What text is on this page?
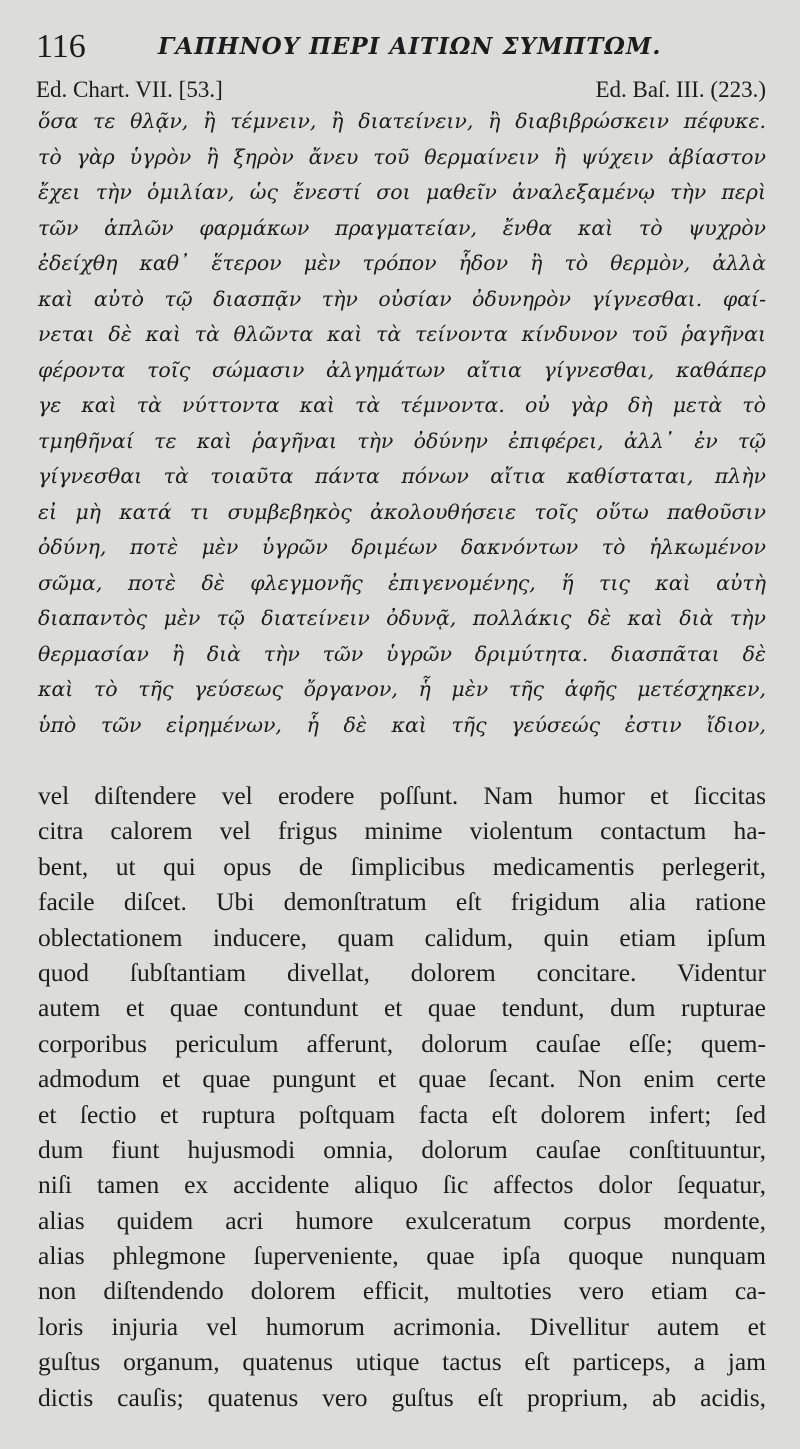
116	ΓΑΠΗΝΟΥ ΠΕΡΙ ΑΙΤΙΩΝ ΣΥΜΠΤΩΜ.
Ed. Chart. VII. [53.]	Ed. Baſ. III. (223.)
ὅσα τε θλᾷν, ἢ τέμνειν, ἢ διατείνειν, ἢ διαβιβρώσκειν πέφυκε.
τὸ γὰρ ὑγρὸν ἢ ξηρὸν ἄνευ τοῦ θερμαίνειν ἢ ψύχειν ἀβίαστον
ἔχει τὴν ὁμιλίαν, ὡς ἔνεστί σοι μαθεῖν ἀναλεξαμένῳ τὴν περὶ
τῶν ἁπλῶν φαρμάκων πραγματείαν, ἔνθα καὶ τὸ ψυχρὸν
ἐδείχθη καθ᾽ ἕτερον μὲν τρόπον ἧδον ἢ τὸ θερμὸν, ἀλλὰ
καὶ αὐτὸ τῷ διασπᾷν τὴν οὐσίαν ὀδυνηρὸν γίγνεσθαι. φαί-
νεται δὲ καὶ τὰ θλῶντα καὶ τὰ τείνοντα κίνδυνον τοῦ ῥαγῆναι
φέροντα τοῖς σώμασιν ἀλγημάτων αἴτια γίγνεσθαι, καθάπερ
γε καὶ τὰ νύττοντα καὶ τὰ τέμνοντα. οὐ γὰρ δὴ μετὰ τὸ
τμηθῆναί τε καὶ ῥαγῆναι τὴν ὀδύνην ἐπιφέρει, ἀλλ᾽ ἐν τῷ
γίγνεσθαι τὰ τοιαῦτα πάντα πόνων αἴτια καθίσταται, πλὴν
εἰ μὴ κατά τι συμβεβηκὸς ἀκολουθήσειε τοῖς οὕτω παθοῦσιν
ὀδύνη, ποτὲ μὲν ὑγρῶν δριμέων δακνόντων τὸ ἡλκωμένον
σῶμα, ποτὲ δὲ φλεγμονῆς ἐπιγενομένης, ἥ τις καὶ αὐτὴ
διαπαντὸς μὲν τῷ διατείνειν ὀδυνᾷ, πολλάκις δὲ καὶ διὰ τὴν
θερμασίαν ἢ διὰ τὴν τῶν ὑγρῶν δριμύτητα. διασπᾶται δὲ
καὶ τὸ τῆς γεύσεως ὄργανον, ἧ μὲν τῆς ἁφῆς μετέσχηκεν,
ὑπὸ τῶν εἰρημένων, ἧ δὲ καὶ τῆς γεύσεώς ἐστιν ἴδιον,
vel diſtendere vel erodere poſſunt. Nam humor et ſiccitas
citra calorem vel frigus minime violentum contactum ha-
bent, ut qui opus de ſimplicibus medicamentis perlegerit,
facile diſcet. Ubi demonſtratum eſt frigidum alia ratione
oblectationem inducere, quam calidum, quin etiam ipſum
quod ſubſtantiam divellat, dolorem concitare. Videntur
autem et quae contundunt et quae tendunt, dum rupturae
corporibus periculum afferunt, dolorum cauſae eſſe; quem-
admodum et quae pungunt et quae ſecant. Non enim certe
et ſectio et ruptura poſtquam facta eſt dolorem infert; ſed
dum fiunt hujusmodi omnia, dolorum cauſae conſtituuntur,
niſi tamen ex accidente aliquo ſic affectos dolor ſequatur,
alias quidem acri humore exulceratum corpus mordente,
alias phlegmone ſuperveniente, quae ipſa quoque nunquam
non diſtendendo dolorem efficit, multoties vero etiam ca-
loris injuria vel humorum acrimonia. Divellitur autem et
guſtus organum, quatenus utique tactus eſt particeps, a jam
dictis cauſis; quatenus vero guſtus eſt proprium, ab acidis,
